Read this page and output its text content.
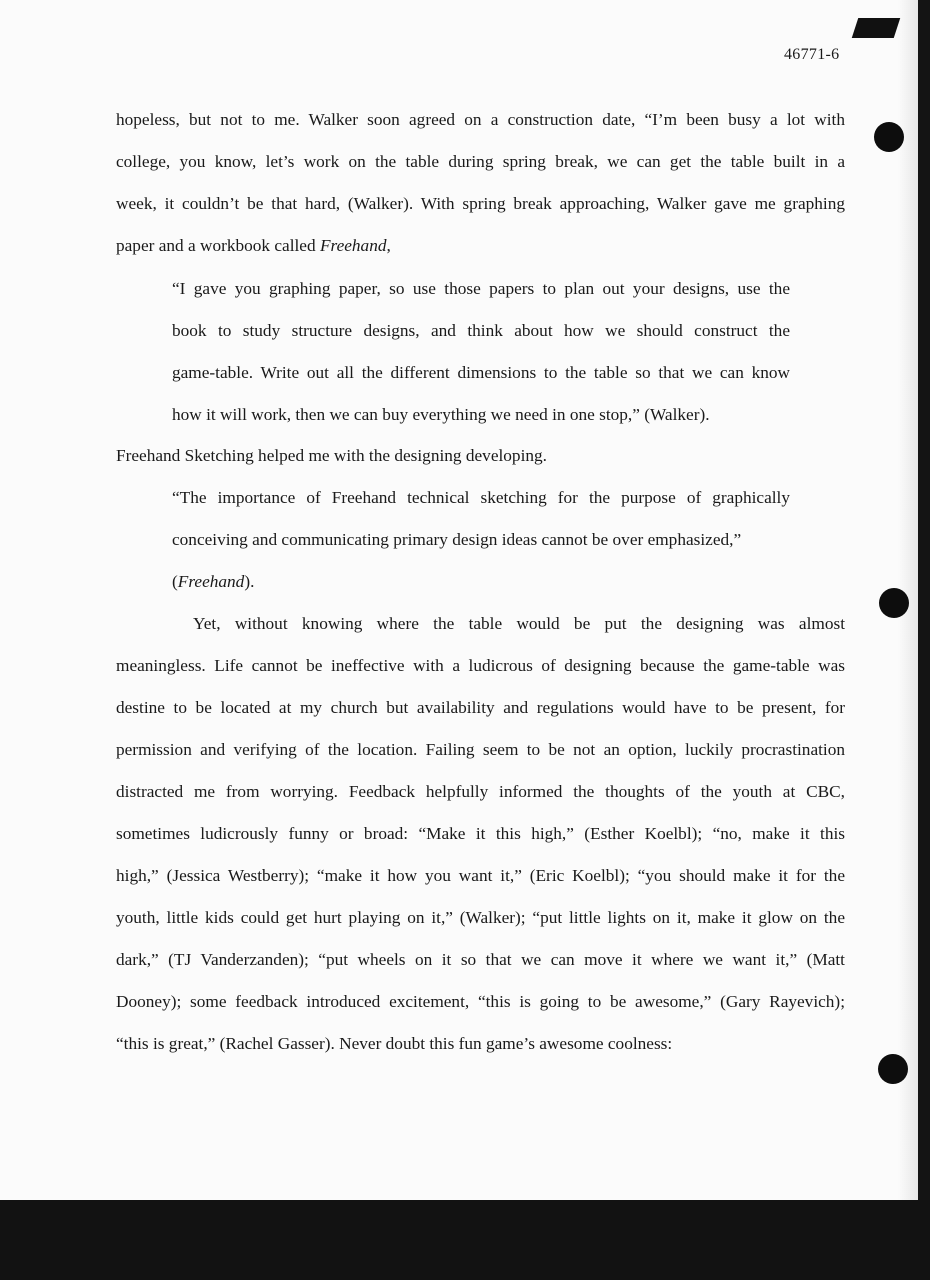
46771-6
hopeless, but not to me. Walker soon agreed on a construction date, “I’m been busy a lot with
college, you know, let’s work on the table during spring break, we can get the table built in a
week, it couldn’t be that hard, (Walker). With spring break approaching, Walker gave me graphing
paper and a workbook called Freehand,
“I gave you graphing paper, so use those papers to plan out your designs, use the
book to study structure designs, and think about how we should construct the
game-table. Write out all the different dimensions to the table so that we can know
how it will work, then we can buy everything we need in one stop,” (Walker).
Freehand Sketching helped me with the designing developing.
“The importance of Freehand technical sketching for the purpose of graphically
conceiving and communicating primary design ideas cannot be over emphasized,”
(Freehand).
Yet, without knowing where the table would be put the designing was almost
meaningless. Life cannot be ineffective with a ludicrous of designing because the game-table was
destine to be located at my church but availability and regulations would have to be present, for
permission and verifying of the location. Failing seem to be not an option, luckily procrastination
distracted me from worrying. Feedback helpfully informed the thoughts of the youth at CBC,
sometimes ludicrously funny or broad: “Make it this high,” (Esther Koelbl); “no, make it this
high,” (Jessica Westberry); “make it how you want it,” (Eric Koelbl); “you should make it for the
youth, little kids could get hurt playing on it,” (Walker); “put little lights on it, make it glow on the
dark,” (TJ Vanderzanden); “put wheels on it so that we can move it where we want it,” (Matt
Dooney); some feedback introduced excitement, “this is going to be awesome,” (Gary Rayevich);
“this is great,” (Rachel Gasser). Never doubt this fun game’s awesome coolness:
